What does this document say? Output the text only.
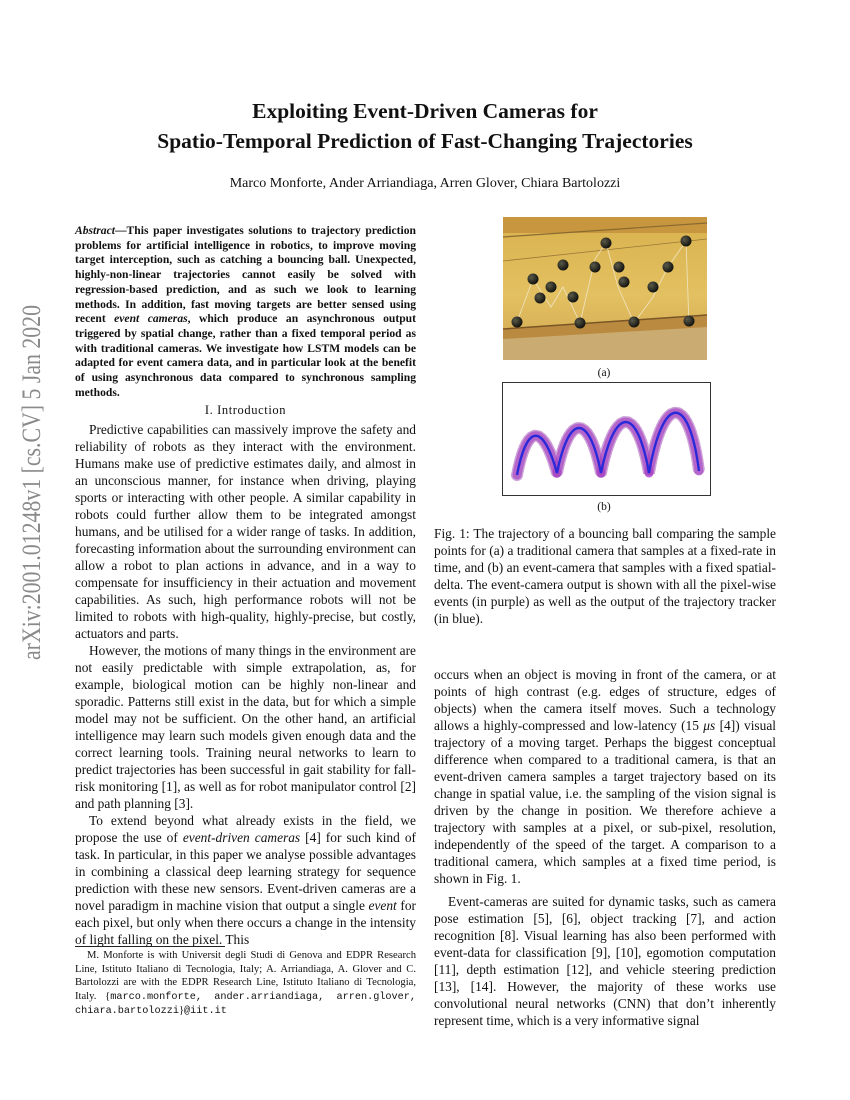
arXiv:2001.01248v1 [cs.CV] 5 Jan 2020
Exploiting Event-Driven Cameras for
Spatio-Temporal Prediction of Fast-Changing Trajectories
Marco Monforte, Ander Arriandiaga, Arren Glover, Chiara Bartolozzi
Abstract—This paper investigates solutions to trajectory prediction problems for artificial intelligence in robotics, to improve moving target interception, such as catching a bouncing ball. Unexpected, highly-non-linear trajectories cannot easily be solved with regression-based prediction, and as such we look to learning methods. In addition, fast moving targets are better sensed using recent event cameras, which produce an asynchronous output triggered by spatial change, rather than a fixed temporal period as with traditional cameras. We investigate how LSTM models can be adapted for event camera data, and in particular look at the benefit of using asynchronous data compared to synchronous sampling methods.
I. Introduction

Predictive capabilities can massively improve the safety and reliability of robots as they interact with the environment. Humans make use of predictive estimates daily, and almost in an unconscious manner, for instance when driving, playing sports or interacting with other people. A similar capability in robots could further allow them to be integrated amongst humans, and be utilised for a wider range of tasks. In addition, forecasting information about the surrounding environment can allow a robot to plan actions in advance, and in a way to compensate for insufficiency in their actuation and movement capabilities. As such, high performance robots will not be limited to robots with high-quality, highly-precise, but costly, actuators and parts.

However, the motions of many things in the environment are not easily predictable with simple extrapolation, as, for example, biological motion can be highly non-linear and sporadic. Patterns still exist in the data, but for which a simple model may not be sufficient. On the other hand, an artificial intelligence may learn such models given enough data and the correct learning tools. Training neural networks to learn to predict trajectories has been successful in gait stability for fall-risk monitoring [1], as well as for robot manipulator control [2] and path planning [3].

To extend beyond what already exists in the field, we propose the use of event-driven cameras [4] for such kind of task. In particular, in this paper we analyse possible advantages in combining a classical deep learning strategy for sequence prediction with these new sensors. Event-driven cameras are a novel paradigm in machine vision that output a single event for each pixel, but only when there occurs a change in the intensity of light falling on the pixel. This

M. Monforte is with Universit degli Studi di Genova and EDPR Research Line, Istituto Italiano di Tecnologia, Italy; A. Arriandiaga, A. Glover and C. Bartolozzi are with the EDPR Research Line, Istituto Italiano di Tecnologia, Italy. {marco.monforte, ander.arriandiaga, arren.glover, chiara.bartolozzi}@iit.it

(a)
(b)
Fig. 1: The trajectory of a bouncing ball comparing the sample points for (a) a traditional camera that samples at a fixed-rate in time, and (b) an event-camera that samples with a fixed spatial-delta. The event-camera output is shown with all the pixel-wise events (in purple) as well as the output of the trajectory tracker (in blue).

occurs when an object is moving in front of the camera, or at points of high contrast (e.g. edges of structure, edges of objects) when the camera itself moves. Such a technology allows a highly-compressed and low-latency (15 μs [4]) visual trajectory of a moving target. Perhaps the biggest conceptual difference when compared to a traditional camera, is that an event-driven camera samples a target trajectory based on its change in spatial value, i.e. the sampling of the vision signal is driven by the change in position. We therefore achieve a trajectory with samples at a pixel, or sub-pixel, resolution, independently of the speed of the target. A comparison to a traditional camera, which samples at a fixed time period, is shown in Fig. 1.

Event-cameras are suited for dynamic tasks, such as camera pose estimation [5], [6], object tracking [7], and action recognition [8]. Visual learning has also been performed with event-data for classification [9], [10], egomotion computation [11], depth estimation [12], and vehicle steering prediction [13], [14]. However, the majority of these works use convolutional neural networks (CNN) that don’t inherently represent time, which is a very informative signal
